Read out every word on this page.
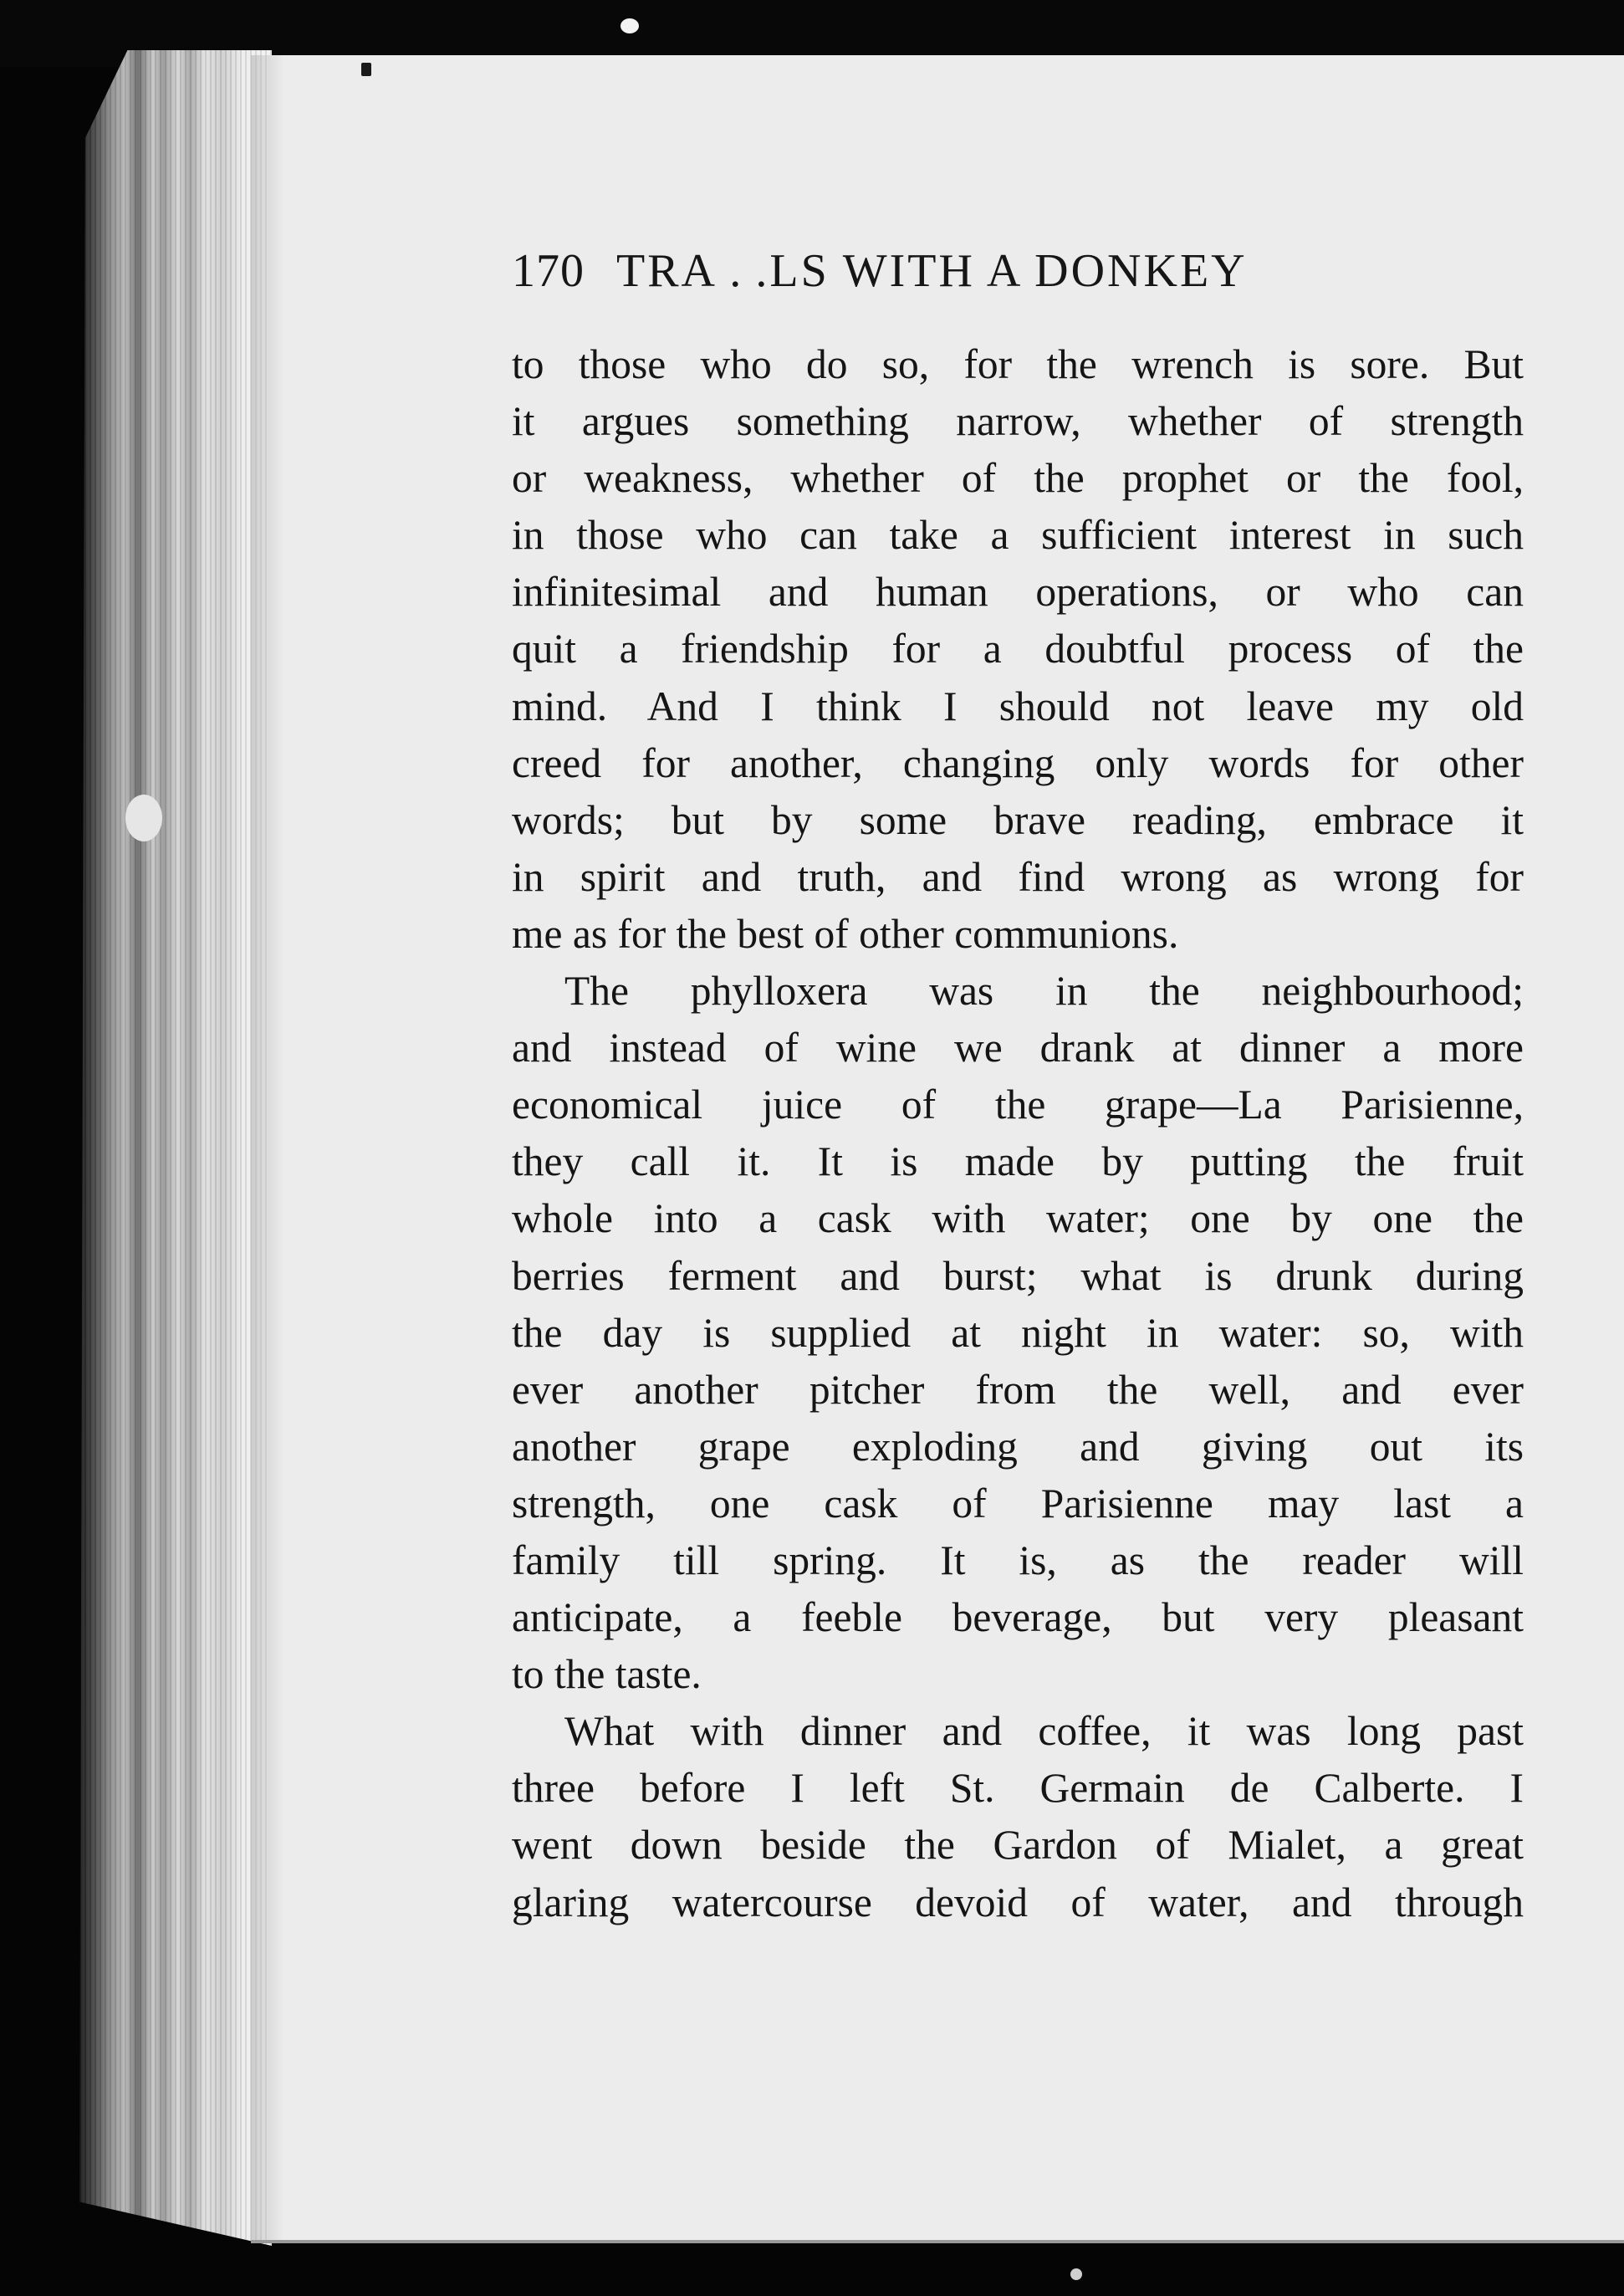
170 TRA . .LS WITH A DONKEY
to those who do so, for the wrench is sore. But
it argues something narrow, whether of strength
or weakness, whether of the prophet or the fool,
in those who can take a sufficient interest in such
infinitesimal and human operations, or who can
quit a friendship for a doubtful process of the
mind. And I think I should not leave my old
creed for another, changing only words for other
words; but by some brave reading, embrace it
in spirit and truth, and find wrong as wrong for
me as for the best of other communions.
The phylloxera was in the neighbourhood;
and instead of wine we drank at dinner a more
economical juice of the grape—La Parisienne,
they call it. It is made by putting the fruit
whole into a cask with water; one by one the
berries ferment and burst; what is drunk during
the day is supplied at night in water: so, with
ever another pitcher from the well, and ever
another grape exploding and giving out its
strength, one cask of Parisienne may last a
family till spring. It is, as the reader will
anticipate, a feeble beverage, but very pleasant
to the taste.
What with dinner and coffee, it was long past
three before I left St. Germain de Calberte. I
went down beside the Gardon of Mialet, a great
glaring watercourse devoid of water, and through
